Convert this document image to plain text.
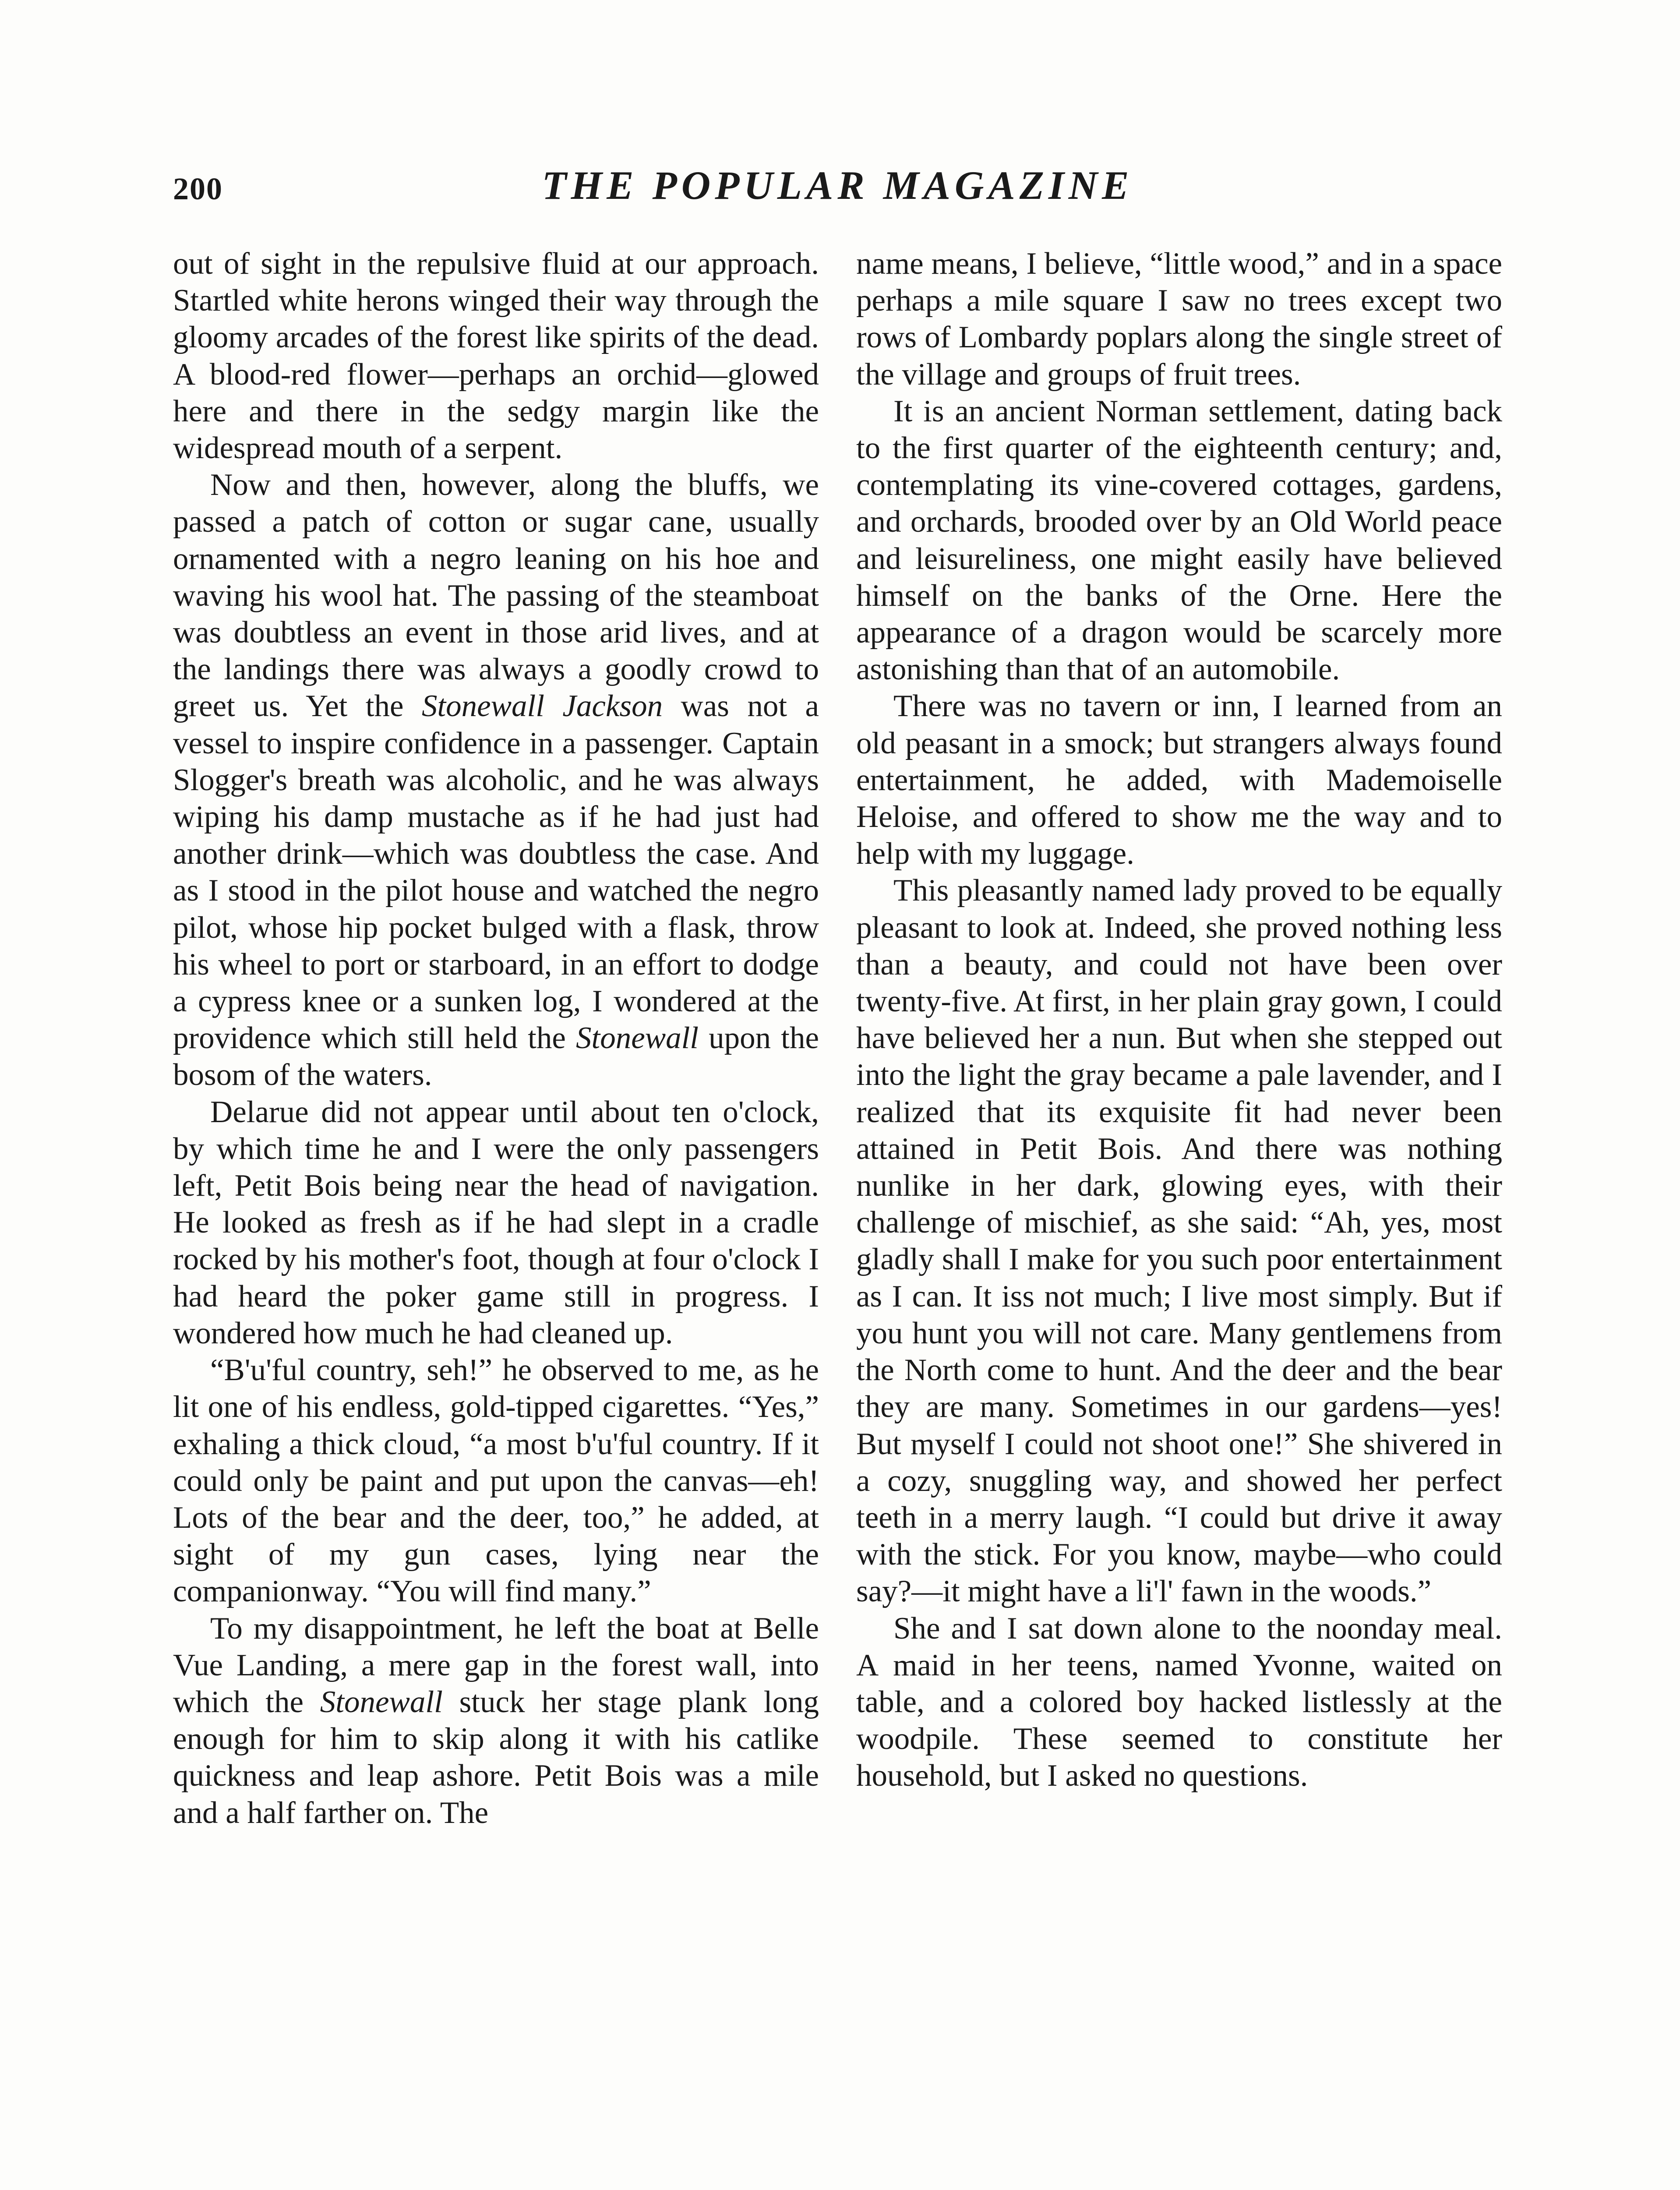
200	THE POPULAR MAGAZINE

out of sight in the repulsive fluid at our approach. Startled white herons winged their way through the gloomy arcades of the forest like spirits of the dead. A blood-red flower—perhaps an orchid—glowed here and there in the sedgy margin like the widespread mouth of a serpent.

Now and then, however, along the bluffs, we passed a patch of cotton or sugar cane, usually ornamented with a negro leaning on his hoe and waving his wool hat. The passing of the steamboat was doubtless an event in those arid lives, and at the landings there was always a goodly crowd to greet us. Yet the Stonewall Jackson was not a vessel to inspire confidence in a passenger. Captain Slogger's breath was alcoholic, and he was always wiping his damp mustache as if he had just had another drink—which was doubtless the case. And as I stood in the pilot house and watched the negro pilot, whose hip pocket bulged with a flask, throw his wheel to port or starboard, in an effort to dodge a cypress knee or a sunken log, I wondered at the providence which still held the Stonewall upon the bosom of the waters.

Delarue did not appear until about ten o'clock, by which time he and I were the only passengers left, Petit Bois being near the head of navigation. He looked as fresh as if he had slept in a cradle rocked by his mother's foot, though at four o'clock I had heard the poker game still in progress. I wondered how much he had cleaned up.

“B'u'ful country, seh!” he observed to me, as he lit one of his endless, gold-tipped cigarettes. “Yes,” exhaling a thick cloud, “a most b'u'ful country. If it could only be paint and put upon the canvas—eh! Lots of the bear and the deer, too,” he added, at sight of my gun cases, lying near the companionway. “You will find many.”

To my disappointment, he left the boat at Belle Vue Landing, a mere gap in the forest wall, into which the Stonewall stuck her stage plank long enough for him to skip along it with his catlike quickness and leap ashore. Petit Bois was a mile and a half farther on. The

name means, I believe, “little wood,” and in a space perhaps a mile square I saw no trees except two rows of Lombardy poplars along the single street of the village and groups of fruit trees.

It is an ancient Norman settlement, dating back to the first quarter of the eighteenth century; and, contemplating its vine-covered cottages, gardens, and orchards, brooded over by an Old World peace and leisureliness, one might easily have believed himself on the banks of the Orne. Here the appearance of a dragon would be scarcely more astonishing than that of an automobile.

There was no tavern or inn, I learned from an old peasant in a smock; but strangers always found entertainment, he added, with Mademoiselle Heloise, and offered to show me the way and to help with my luggage.

This pleasantly named lady proved to be equally pleasant to look at. Indeed, she proved nothing less than a beauty, and could not have been over twenty-five. At first, in her plain gray gown, I could have believed her a nun. But when she stepped out into the light the gray became a pale lavender, and I realized that its exquisite fit had never been attained in Petit Bois. And there was nothing nunlike in her dark, glowing eyes, with their challenge of mischief, as she said: “Ah, yes, most gladly shall I make for you such poor entertainment as I can. It iss not much; I live most simply. But if you hunt you will not care. Many gentlemens from the North come to hunt. And the deer and the bear they are many. Sometimes in our gardens—yes! But myself I could not shoot one!” She shivered in a cozy, snuggling way, and showed her perfect teeth in a merry laugh. “I could but drive it away with the stick. For you know, maybe—who could say?—it might have a li'l' fawn in the woods.”

She and I sat down alone to the noonday meal. A maid in her teens, named Yvonne, waited on table, and a colored boy hacked listlessly at the woodpile. These seemed to constitute her household, but I asked no questions.
